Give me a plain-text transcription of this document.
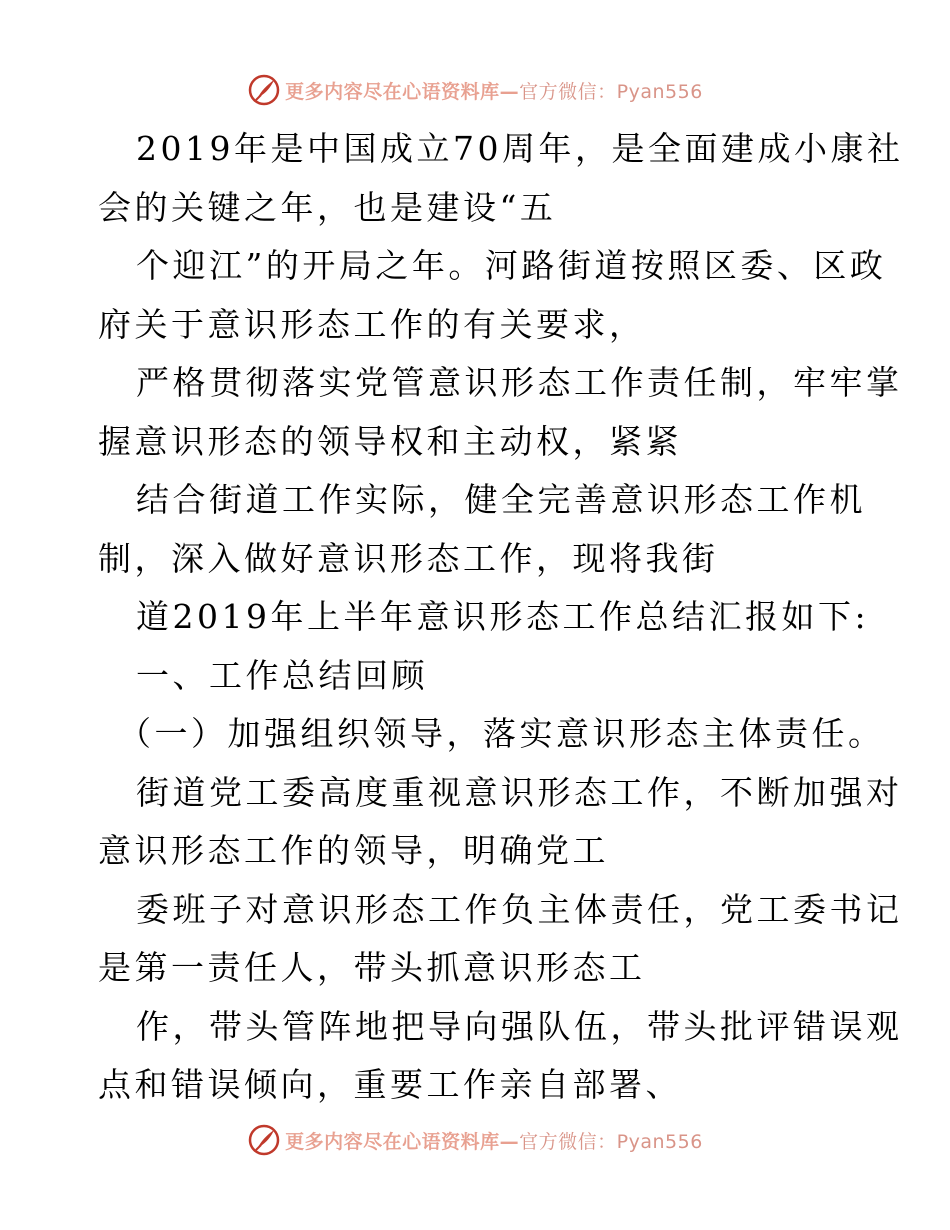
更多内容尽在心语资料库—官方微信：Pyan556
2019年是中国成立70周年，是全面建成小康社
会的关键之年，也是建设“五
个迎江”的开局之年。河路街道按照区委、区政
府关于意识形态工作的有关要求，
严格贯彻落实党管意识形态工作责任制，牢牢掌
握意识形态的领导权和主动权，紧紧
结合街道工作实际，健全完善意识形态工作机
制，深入做好意识形态工作，现将我街
道2019年上半年意识形态工作总结汇报如下:
一、工作总结回顾
（一）加强组织领导，落实意识形态主体责任。
街道党工委高度重视意识形态工作，不断加强对
意识形态工作的领导，明确党工
委班子对意识形态工作负主体责任，党工委书记
是第一责任人，带头抓意识形态工
作，带头管阵地把导向强队伍，带头批评错误观
点和错误倾向，重要工作亲自部署、
更多内容尽在心语资料库—官方微信：Pyan556
